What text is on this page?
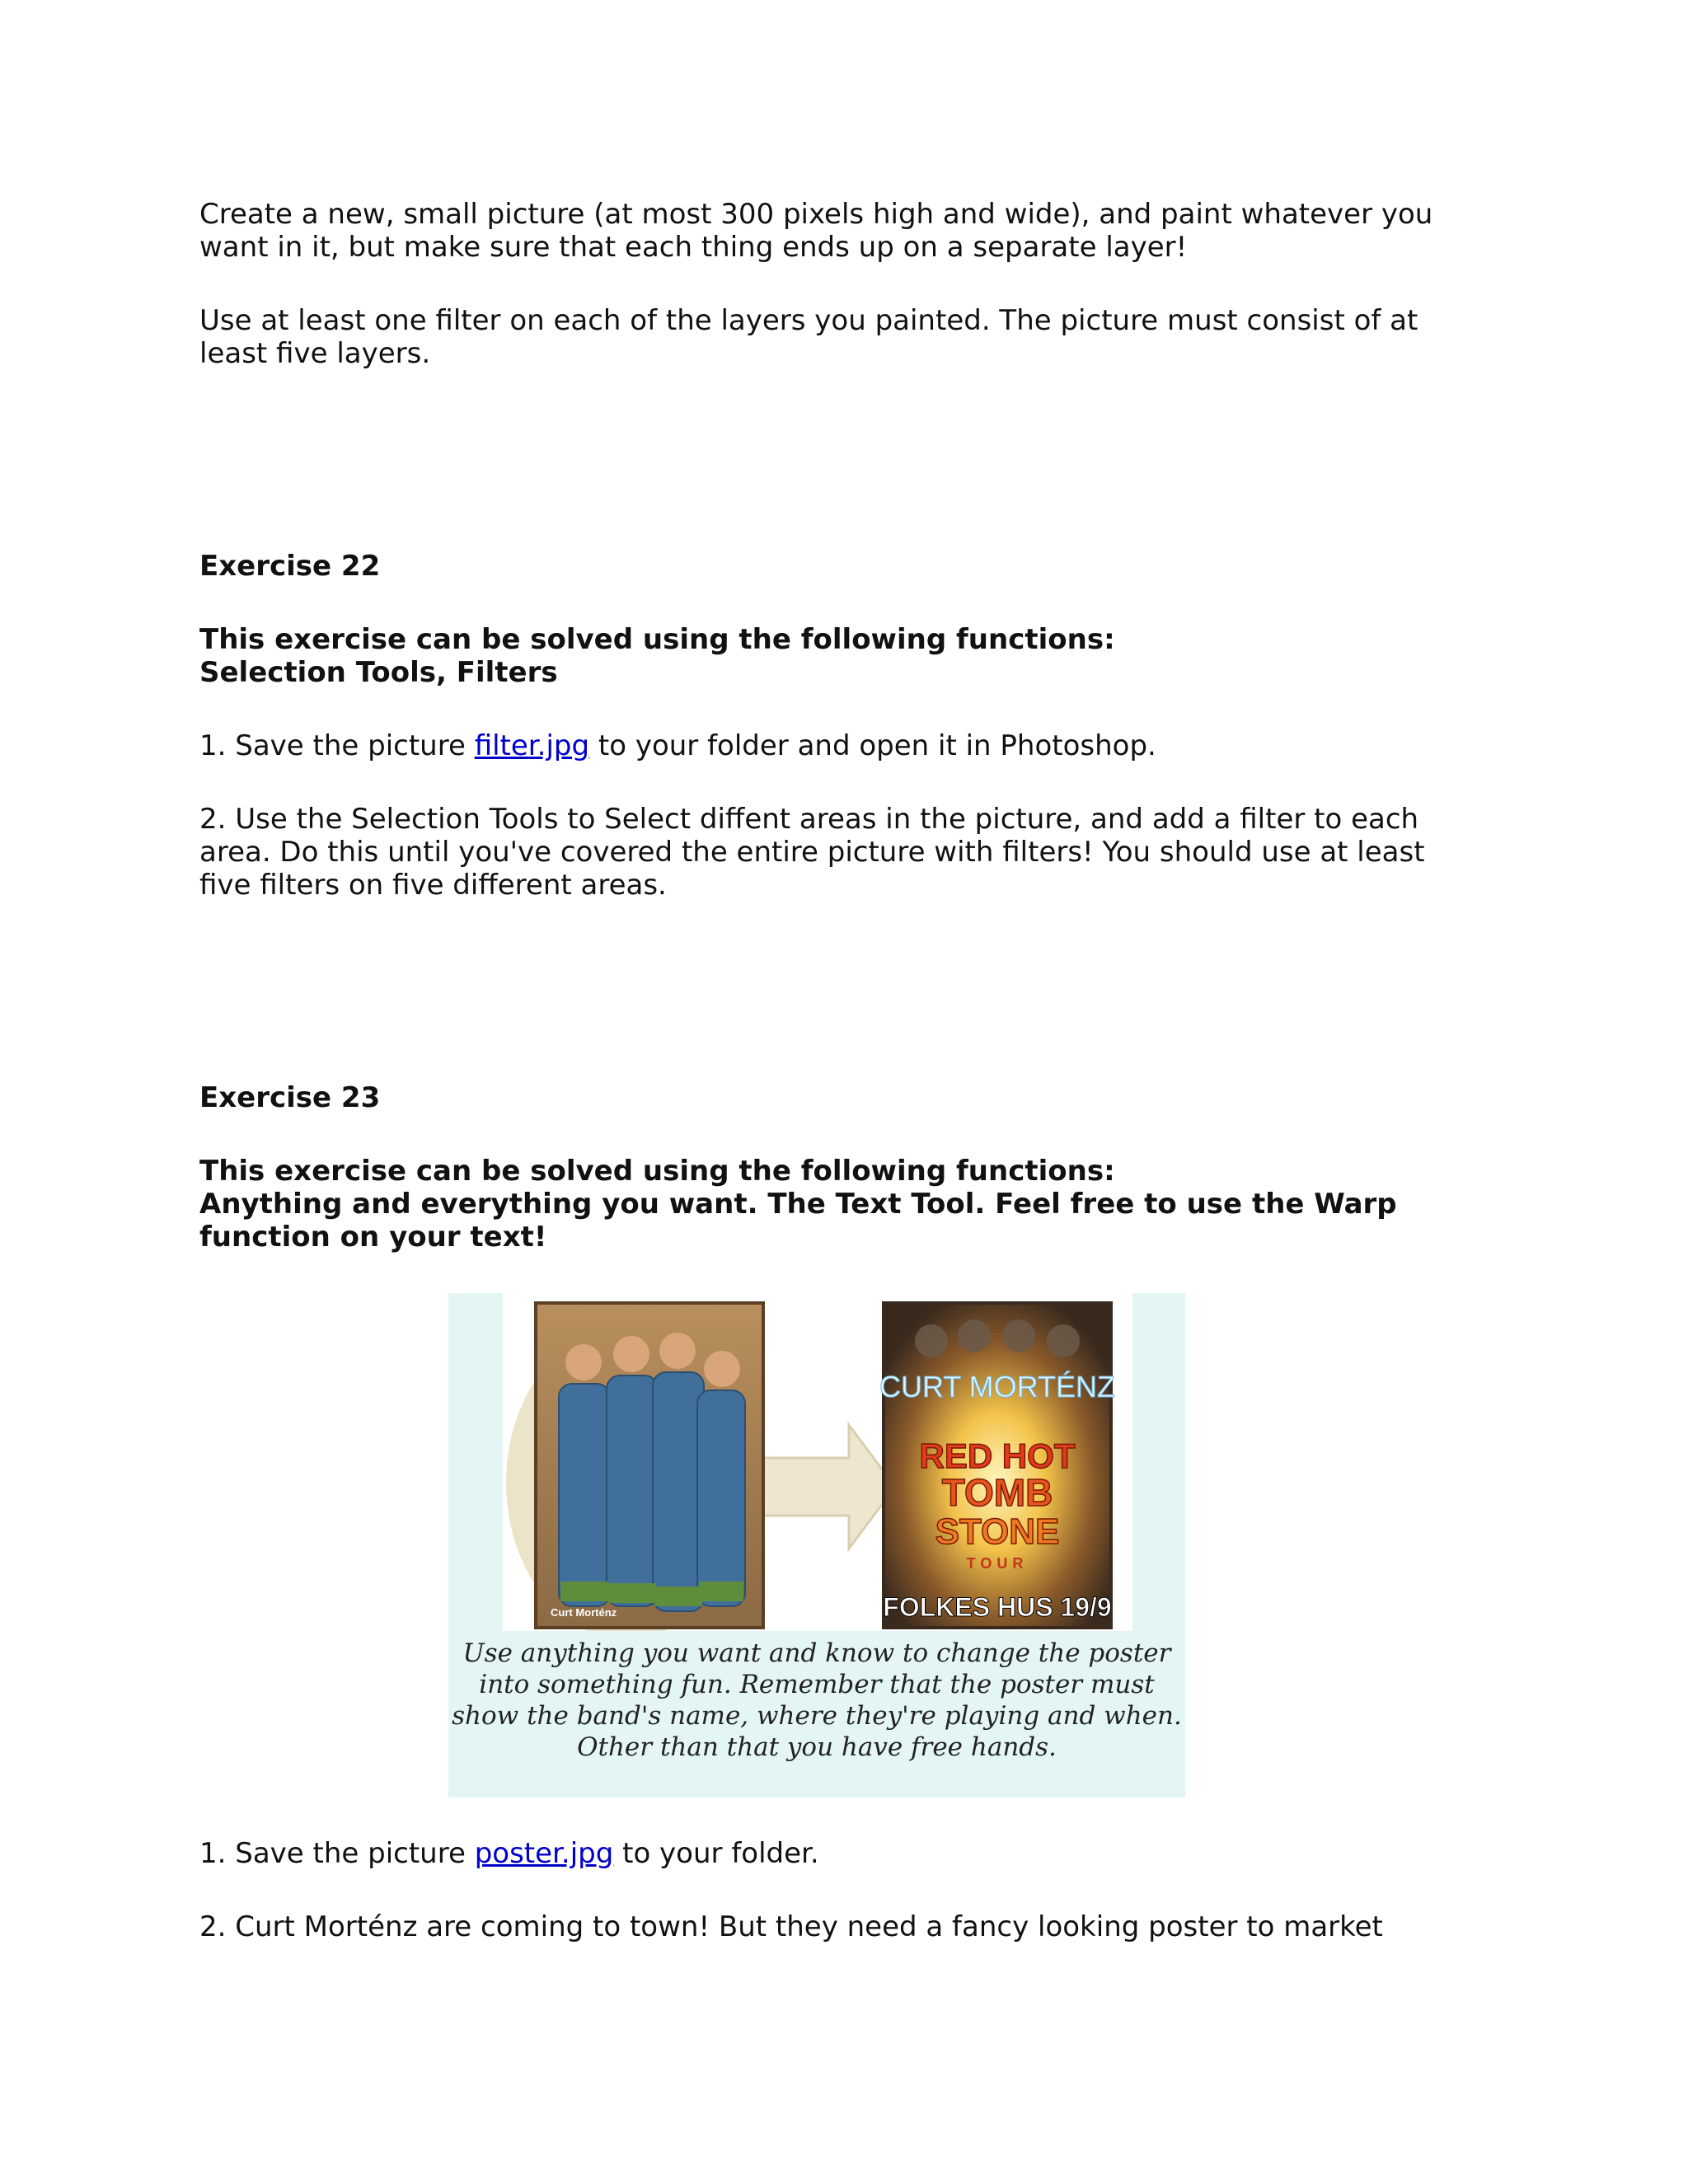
Create a new, small picture (at most 300 pixels high and wide), and paint whatever you want in it, but make sure that each thing ends up on a separate layer!

Use at least one filter on each of the layers you painted. The picture must consist of at least five layers.

Exercise 22

This exercise can be solved using the following functions:

Selection Tools, Filters

1. Save the picture filter.jpg to your folder and open it in Photoshop.

2. Use the Selection Tools to Select diffent areas in the picture, and add a filter to each area. Do this until you've covered the entire picture with filters! You should use at least five filters on five different areas.

Exercise 23

This exercise can be solved using the following functions:

Anything and everything you want. The Text Tool. Feel free to use the Warp function on your text!

Curt Morténz
CURT MORTÉNZ
RED HOT
TOMB
STONE
TOUR
FOLKES HUS 19/9
Use anything you want and know to change the poster into something fun. Remember that the poster must show the band's name, where they're playing and when. Other than that you have free hands.

1. Save the picture poster.jpg to your folder.

2. Curt Morténz are coming to town! But they need a fancy looking poster to market
